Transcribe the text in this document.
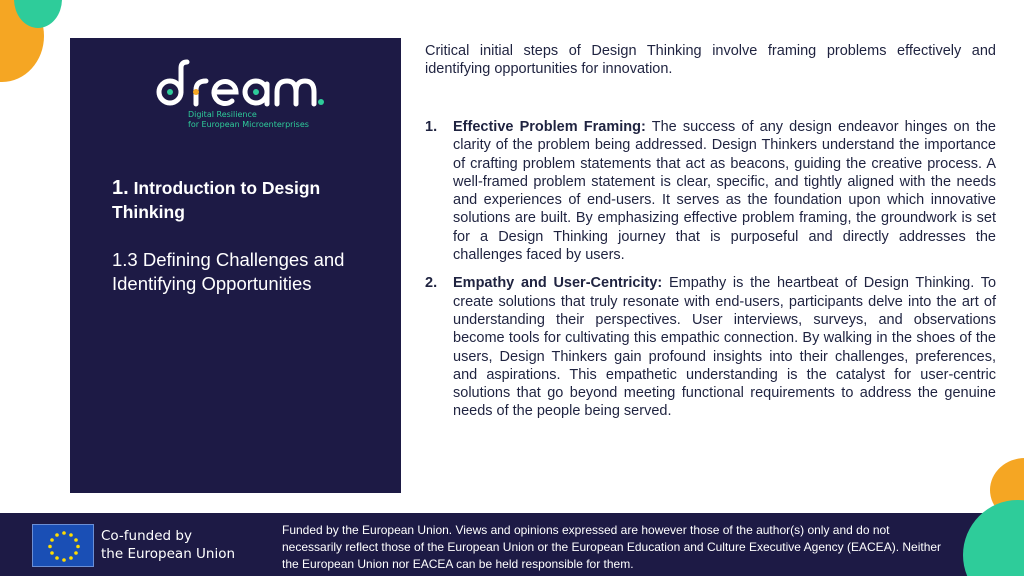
Digital Resilience
for European Microenterprises
1. Introduction to Design Thinking
1.3 Defining Challenges and Identifying Opportunities

Critical initial steps of Design Thinking involve framing problems effectively and identifying opportunities for innovation.

1. Effective Problem Framing: The success of any design endeavor hinges on the clarity of the problem being addressed. Design Thinkers understand the importance of crafting problem statements that act as beacons, guiding the creative process. A well-framed problem statement is clear, specific, and tightly aligned with the needs and experiences of end-users. It serves as the foundation upon which innovative solutions are built. By emphasizing effective problem framing, the groundwork is set for a Design Thinking journey that is purposeful and directly addresses the challenges faced by users.
2. Empathy and User-Centricity: Empathy is the heartbeat of Design Thinking. To create solutions that truly resonate with end-users, participants delve into the art of understanding their perspectives. User interviews, surveys, and observations become tools for cultivating this empathic connection. By walking in the shoes of the users, Design Thinkers gain profound insights into their challenges, preferences, and aspirations. This empathetic understanding is the catalyst for user-centric solutions that go beyond meeting functional requirements to address the genuine needs of the people being served.
Co-funded by
the European Union

Funded by the European Union. Views and opinions expressed are however those of the author(s) only and do not necessarily reflect those of the European Union or the European Education and Culture Executive Agency (EACEA). Neither the European Union nor EACEA can be held responsible for them.
